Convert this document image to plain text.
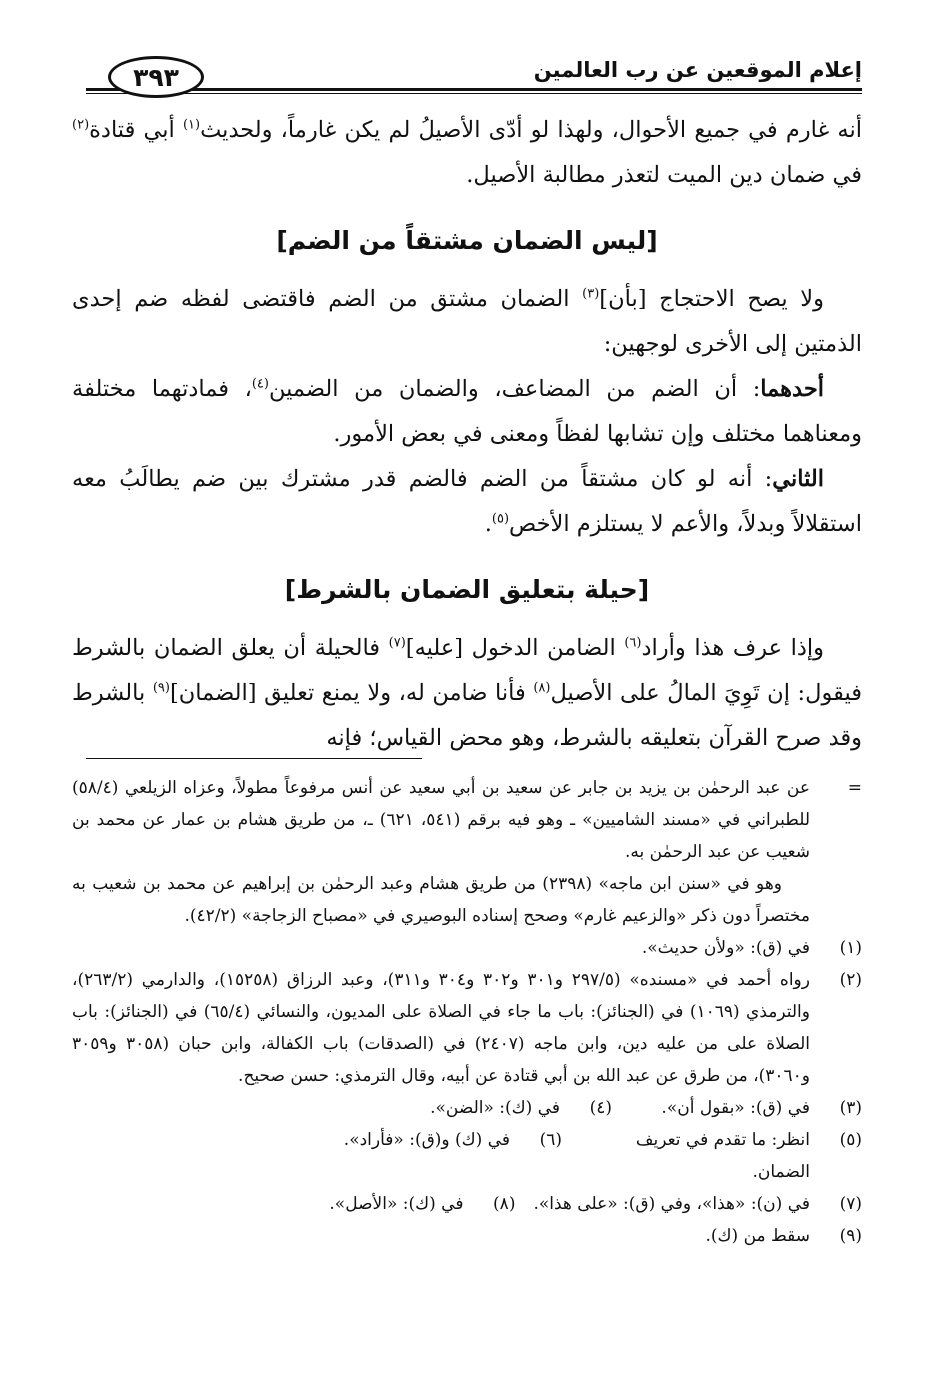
إعلام الموقعين عن رب العالمين
٣٩٣

أنه غارم في جميع الأحوال، ولهذا لو أدّى الأصيلُ لم يكن غارماً، ولحديث$^{(١)}$ أبي قتادة$^{(٢)}$ في ضمان دين الميت لتعذر مطالبة الأصيل.

[ليس الضمان مشتقاً من الضم]

ولا يصح الاحتجاج [بأن]$^{(٣)}$ الضمان مشتق من الضم فاقتضى لفظه ضم إحدى الذمتين إلى الأخرى لوجهين:

أحدهما: أن الضم من المضاعف، والضمان من الضمين$^{(٤)}$، فمادتهما مختلفة ومعناهما مختلف وإن تشابها لفظاً ومعنى في بعض الأمور.

الثاني: أنه لو كان مشتقاً من الضم فالضم قدر مشترك بين ضم يطالَبُ معه استقلالاً وبدلاً، والأعم لا يستلزم الأخص$^{(٥)}$.

[حيلة بتعليق الضمان بالشرط]

وإذا عرف هذا وأراد$^{(٦)}$ الضامن الدخول [عليه]$^{(٧)}$ فالحيلة أن يعلق الضمان بالشرط فيقول: إن تَوِيَ المالُ على الأصيل$^{(٨)}$ فأنا ضامن له، ولا يمنع تعليق [الضمان]$^{(٩)}$ بالشرط وقد صرح القرآن بتعليقه بالشرط، وهو محض القياس؛ فإنه

=
عن عبد الرحمٰن بن يزيد بن جابر عن سعيد بن أبي سعيد عن أنس مرفوعاً مطولاً، وعزاه الزيلعي (٥٨/٤) للطبراني في «مسند الشاميين» ـ وهو فيه برقم (٥٤١، ٦٢١) ـ، من طريق هشام بن عمار عن محمد بن شعيب عن عبد الرحمٰن به.
وهو في «سنن ابن ماجه» (٢٣٩٨) من طريق هشام وعبد الرحمٰن بن إبراهيم عن محمد بن شعيب به مختصراً دون ذكر «والزعيم غارم» وصحح إسناده البوصيري في «مصباح الزجاجة» (٤٢/٢).
(١)
في (ق): «ولأن حديث».
(٢)
رواه أحمد في «مسنده» (٢٩٧/٥ و٣٠١ و٣٠٢ و٣٠٤ و٣١١)، وعبد الرزاق (١٥٢٥٨)، والدارمي (٢٦٣/٢)، والترمذي (١٠٦٩) في (الجنائز): باب ما جاء في الصلاة على المديون، والنسائي (٦٥/٤) في (الجنائز): باب الصلاة على من عليه دين، وابن ماجه (٢٤٠٧) في (الصدقات) باب الكفالة، وابن حبان (٣٠٥٨ و٣٠٥٩ و٣٠٦٠)، من طرق عن عبد الله بن أبي قتادة عن أبيه، وقال الترمذي: حسن صحيح.
(٣)
في (ق): «بقول أن».
(٤)
في (ك): «الضن».
(٥)
انظر: ما تقدم في تعريف الضمان.
(٦)
في (ك) و(ق): «فأراد».
(٧)
في (ن): «هذا»، وفي (ق): «على هذا».
(٨)
في (ك): «الأصل».
(٩)
سقط من (ك).
